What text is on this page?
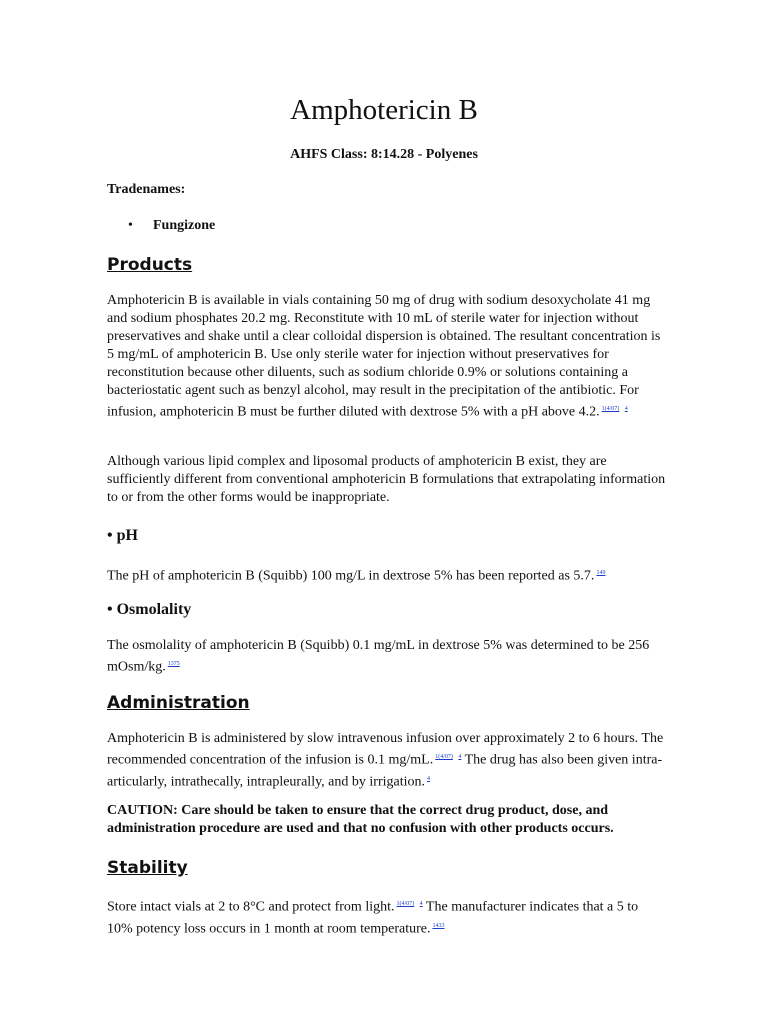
Amphotericin B
AHFS Class: 8:14.28 - Polyenes
Tradenames:
• Fungizone
Products

Amphotericin B is available in vials containing 50 mg of drug with sodium desoxycholate 41 mg and sodium phosphates 20.2 mg. Reconstitute with 10 mL of sterile water for injection without preservatives and shake until a clear colloidal dispersion is obtained. The resultant concentration is 5 mg/mL of amphotericin B. Use only sterile water for injection without preservatives for reconstitution because other diluents, such as sodium chloride 0.9% or solutions containing a bacteriostatic agent such as benzyl alcohol, may result in the precipitation of the antibiotic. For infusion, amphotericin B must be further diluted with dextrose 5% with a pH above 4.2. $^{1(4/07)}$ $^4$

Although various lipid complex and liposomal products of amphotericin B exist, they are sufficiently different from conventional amphotericin B formulations that extrapolating information to or from the other forms would be inappropriate.

• pH

The pH of amphotericin B (Squibb) 100 mg/L in dextrose 5% has been reported as 5.7. $^{149}$

• Osmolality

The osmolality of amphotericin B (Squibb) 0.1 mg/mL in dextrose 5% was determined to be 256 mOsm/kg. $^{1375}$

Administration

Amphotericin B is administered by slow intravenous infusion over approximately 2 to 6 hours. The recommended concentration of the infusion is 0.1 mg/mL. $^{1(4/07)}$ $^4$ The drug has also been given intra-articularly, intrathecally, intrapleurally, and by irrigation. $^4$

CAUTION: Care should be taken to ensure that the correct drug product, dose, and administration procedure are used and that no confusion with other products occurs.

Stability

Store intact vials at 2 to 8°C and protect from light. $^{1(4/07)}$ $^4$ The manufacturer indicates that a 5 to 10% potency loss occurs in 1 month at room temperature. $^{1433}$
